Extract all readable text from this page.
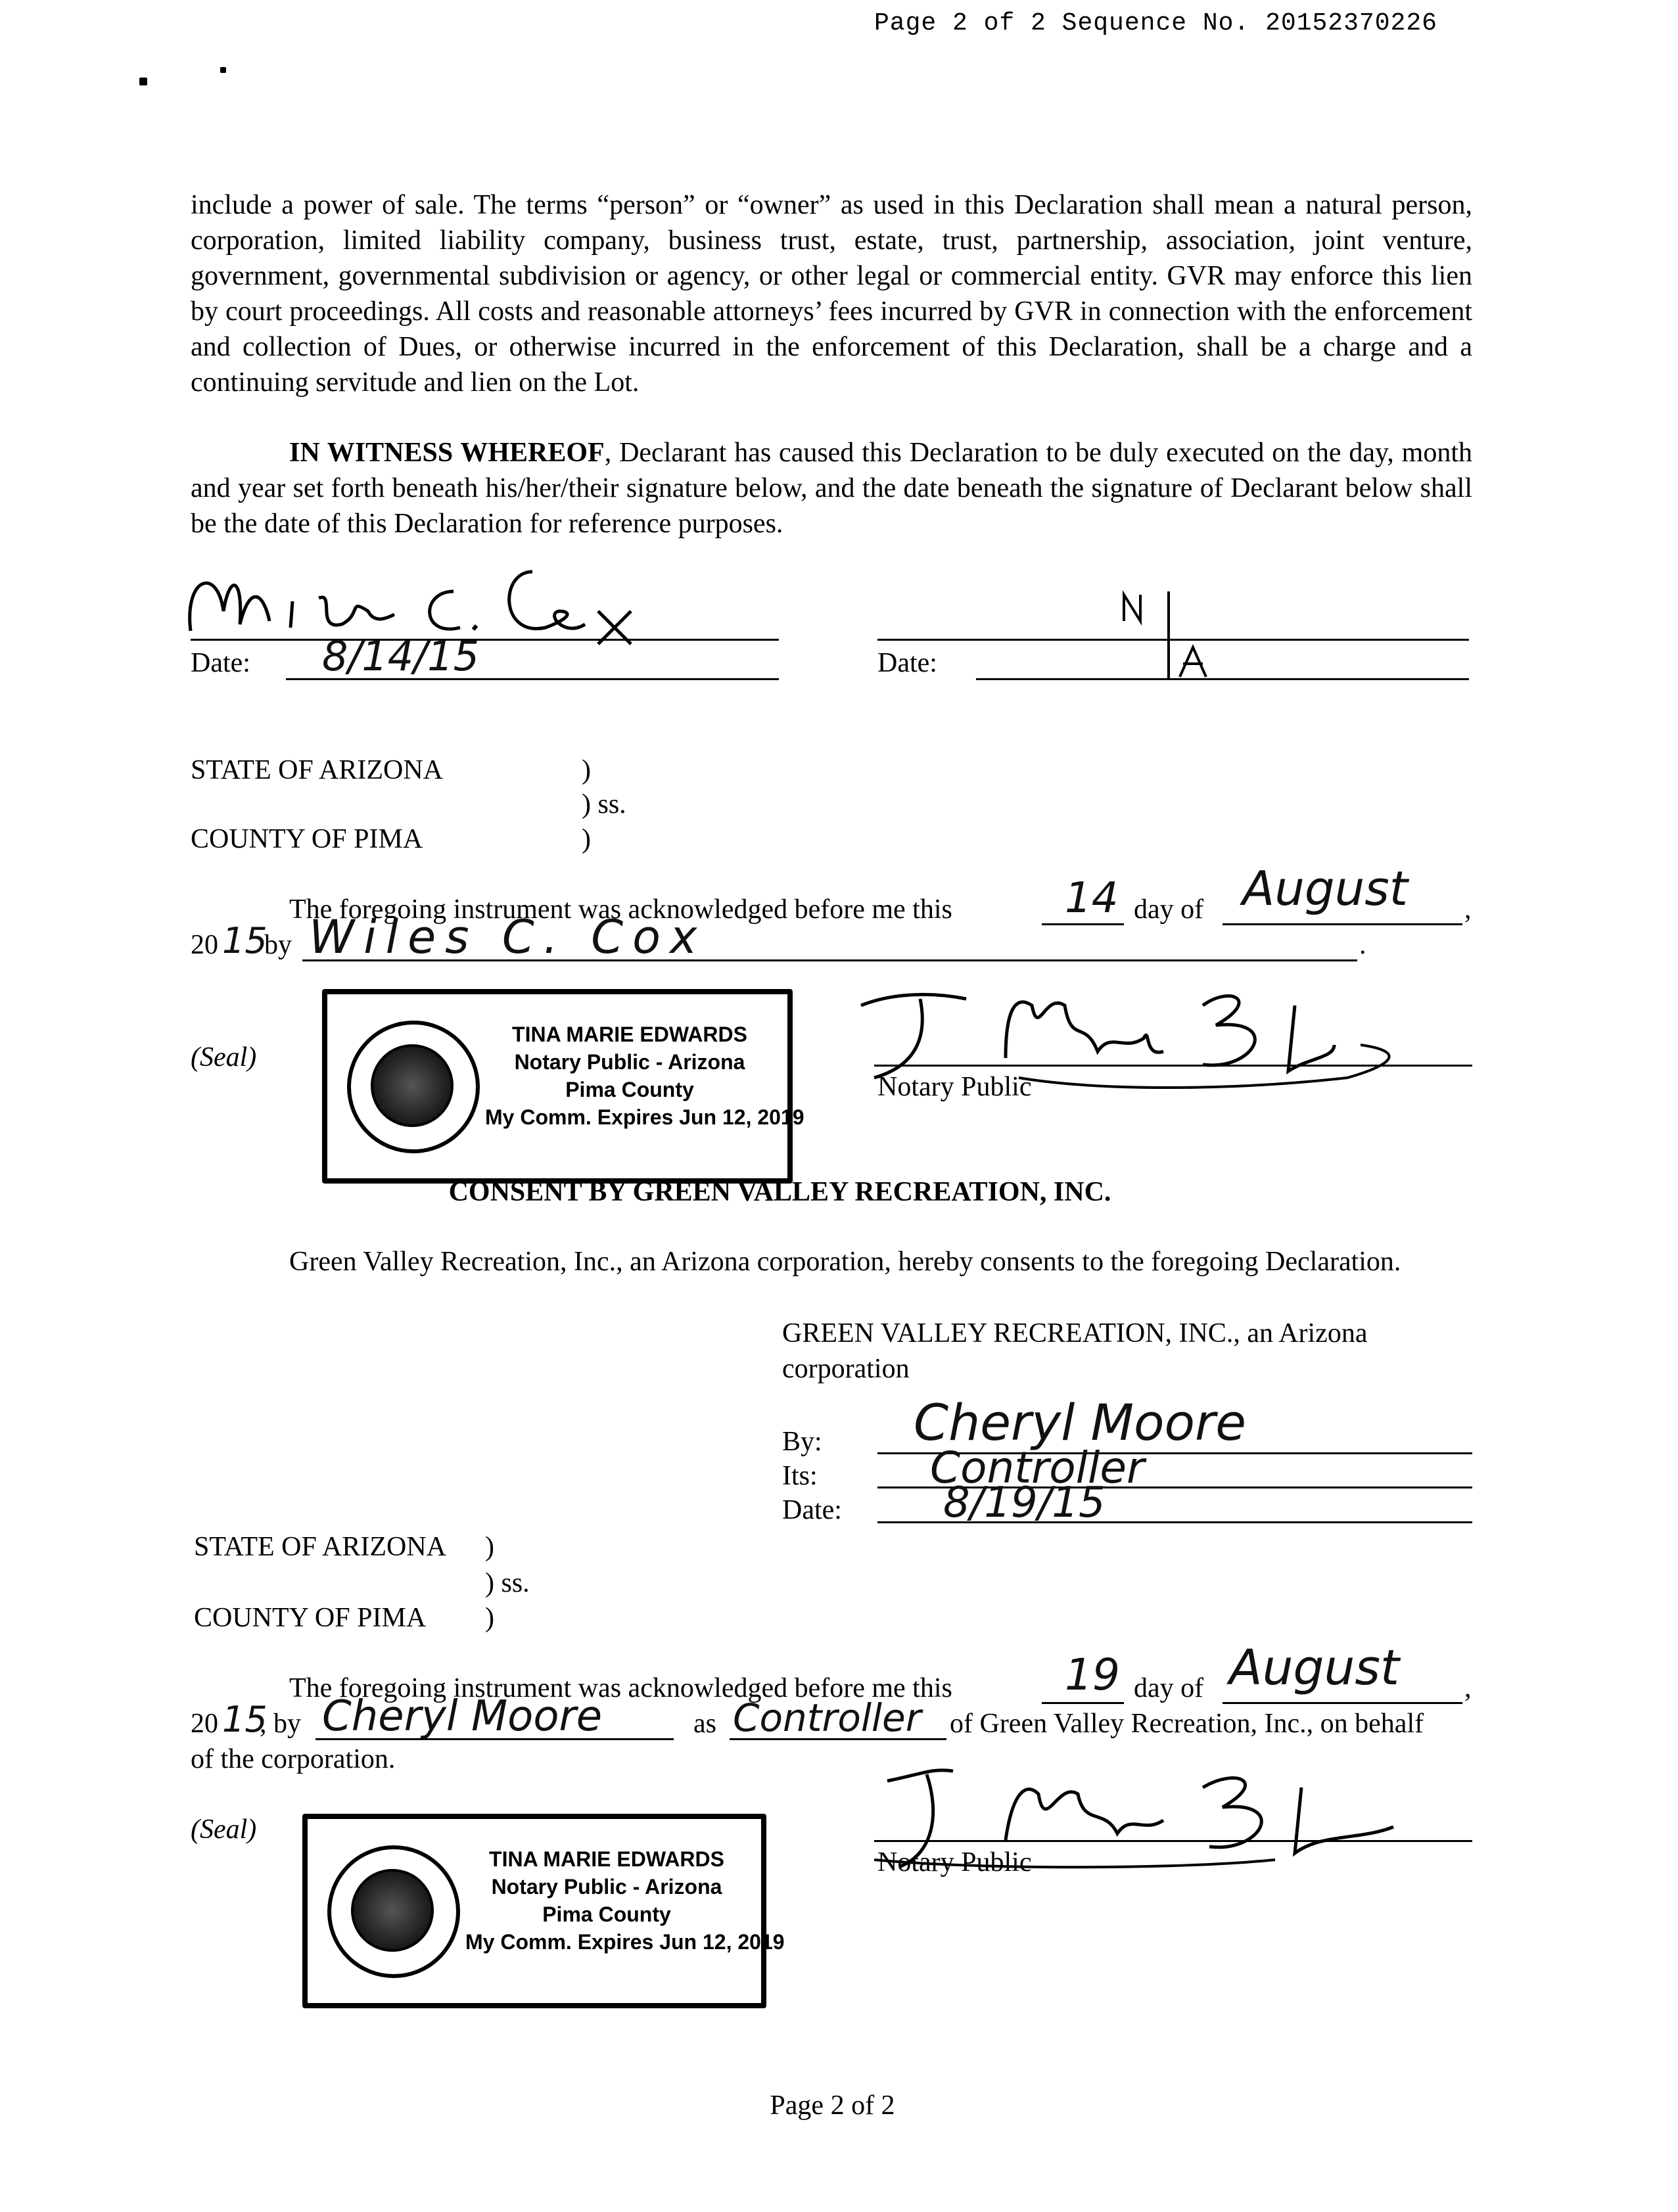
Page 2 of 2 Sequence No. 20152370226
include a power of sale. The terms “person” or “owner” as used in this Declaration shall mean a natural person, corporation, limited liability company, business trust, estate, trust, partnership, association, joint venture, government, governmental subdivision or agency, or other legal or commercial entity. GVR may enforce this lien by court proceedings. All costs and reasonable attorneys’ fees incurred by GVR in connection with the enforcement and collection of Dues, or otherwise incurred in the enforcement of this Declaration, shall be a charge and a continuing servitude and lien on the Lot.
IN WITNESS WHEREOF, Declarant has caused this Declaration to be duly executed on the day, month and year set forth beneath his/her/their signature below, and the date beneath the signature of Declarant below shall be the date of this Declaration for reference purposes.
Date: 8/14/15	Date:
STATE OF ARIZONA	)
) ss.
COUNTY OF PIMA	)
The foregoing instrument was acknowledged before me this	14 day of August ,
20 15
by Wiles C. Cox	.
(Seal)
TINA MARIE EDWARDS
Notary Public - Arizona
Pima County
My Comm. Expires Jun 12, 2019
Notary Public
CONSENT BY GREEN VALLEY RECREATION, INC.
Green Valley Recreation, Inc., an Arizona corporation, hereby consents to the foregoing Declaration.
GREEN VALLEY RECREATION, INC., an Arizona
corporation
By: Cheryl Moore
Its:	Controller
Date: 8/19/15
STATE OF ARIZONA )
) ss.
COUNTY OF PIMA )
The foregoing instrument was acknowledged before me this	19 day of August ,
20 15
, by Cheryl Moore	as Controller of Green Valley Recreation, Inc., on behalf
of the corporation.
(Seal)
TINA MARIE EDWARDS
Notary Public - Arizona
Pima County
My Comm. Expires Jun 12, 2019
Notary Public
Page 2 of 2
